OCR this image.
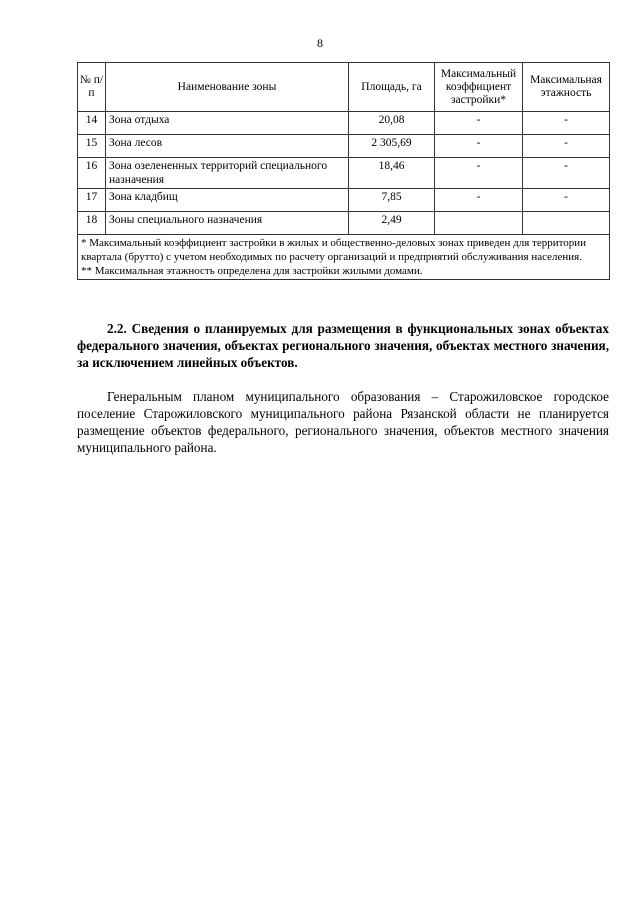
8
№ п/п	Наименование зоны	Площадь, га	Максимальный коэффициент застройки*	Максимальная этажность
14	Зона отдыха	20,08	-	-
15	Зона лесов	2 305,69	-	-
16	Зона озелененных территорий специального назначения	18,46	-	-
17	Зона кладбищ	7,85	-	-
18	Зоны специального назначения	2,49		

* Максимальный коэффициент застройки в жилых и общественно-деловых зонах приведен для территории квартала (брутто) с учетом необходимых по расчету организаций и предприятий обслуживания населения.
** Максимальная этажность определена для застройки жилыми домами.				
2.2. Сведения о планируемых для размещения в функциональных зонах объектах федерального значения, объектах регионального значения, объектах местного значения, за исключением линейных объектов.
Генеральным планом муниципального образования – Старожиловское городское поселение Старожиловского муниципального района Рязанской области не планируется размещение объектов федерального, регионального значения, объектов местного значения муниципального района.
